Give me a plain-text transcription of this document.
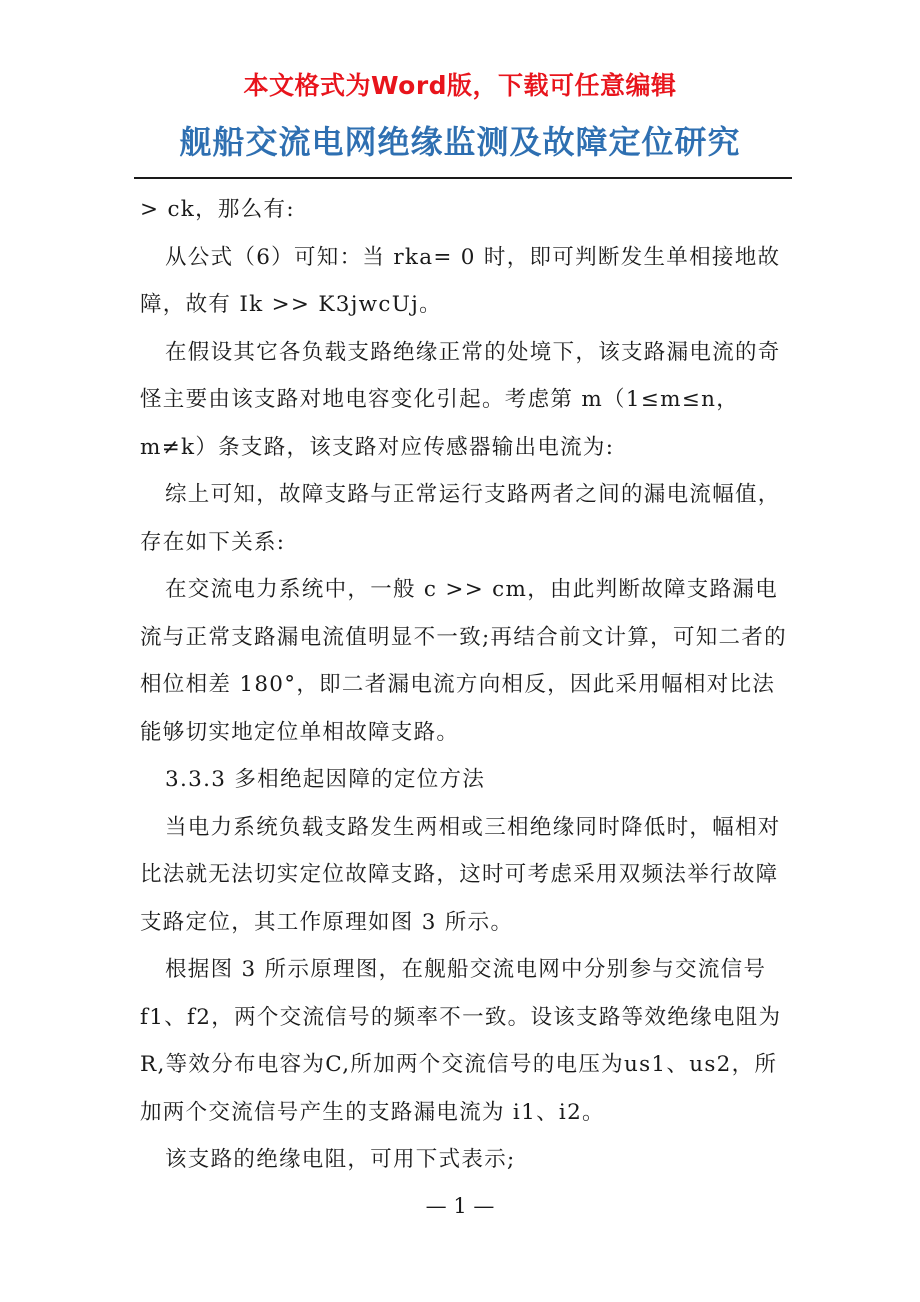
本文格式为Word版，下载可任意编辑
舰船交流电网绝缘监测及故障定位研究

> ck，那么有:

从公式（6）可知：当 rka= 0 时，即可判断发生单相接地故障，故有 Ik >> K3jwcUj。

在假设其它各负载支路绝缘正常的处境下，该支路漏电流的奇怪主要由该支路对地电容变化引起。考虑第 m（1≤m≤n， m≠k）条支路，该支路对应传感器输出电流为:

综上可知，故障支路与正常运行支路两者之间的漏电流幅值，存在如下关系:

在交流电力系统中，一般 c >> cm，由此判断故障支路漏电流与正常支路漏电流值明显不一致;再结合前文计算，可知二者的相位相差 180°，即二者漏电流方向相反，因此采用幅相对比法能够切实地定位单相故障支路。

3.3.3 多相绝起因障的定位方法

当电力系统负载支路发生两相或三相绝缘同时降低时，幅相对比法就无法切实定位故障支路，这时可考虑采用双频法举行故障支路定位，其工作原理如图 3 所示。

根据图 3 所示原理图，在舰船交流电网中分别参与交流信号 f1、f2，两个交流信号的频率不一致。设该支路等效绝缘电阻为R,等效分布电容为C,所加两个交流信号的电压为us1、us2，所加两个交流信号产生的支路漏电流为 i1、i2。

该支路的绝缘电阻，可用下式表示;

— 1 —
